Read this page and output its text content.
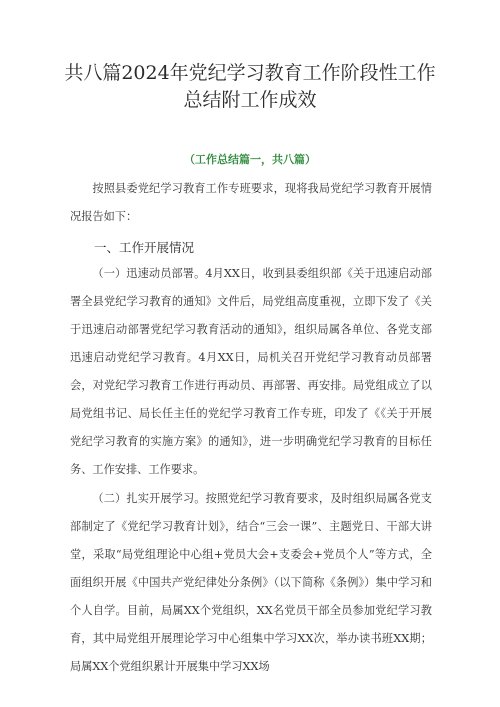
共八篇2024年党纪学习教育工作阶段性工作总结附工作成效

（工作总结篇一，共八篇）

按照县委党纪学习教育工作专班要求，现将我局党纪学习教育开展情况报告如下：

一、工作开展情况

（一）迅速动员部署。4月XX日，收到县委组织部《关于迅速启动部署全县党纪学习教育的通知》文件后，局党组高度重视，立即下发了《关于迅速启动部署党纪学习教育活动的通知》，组织局属各单位、各党支部迅速启动党纪学习教育。4月XX日，局机关召开党纪学习教育动员部署会，对党纪学习教育工作进行再动员、再部署、再安排。局党组成立了以局党组书记、局长任主任的党纪学习教育工作专班，印发了《《关于开展党纪学习教育的实施方案》的通知》，进一步明确党纪学习教育的目标任务、工作安排、工作要求。

（二）扎实开展学习。按照党纪学习教育要求，及时组织局属各党支部制定了《党纪学习教育计划》，结合“三会一课”、主题党日、干部大讲堂，采取“局党组理论中心组+党员大会+支委会+党员个人”等方式，全面组织开展《中国共产党纪律处分条例》（以下简称《条例》）集中学习和个人自学。目前，局属XX个党组织，XX名党员干部全员参加党纪学习教育，其中局党组开展理论学习中心组集中学习XX次，举办读书班XX期；局属XX个党组织累计开展集中学习XX场
